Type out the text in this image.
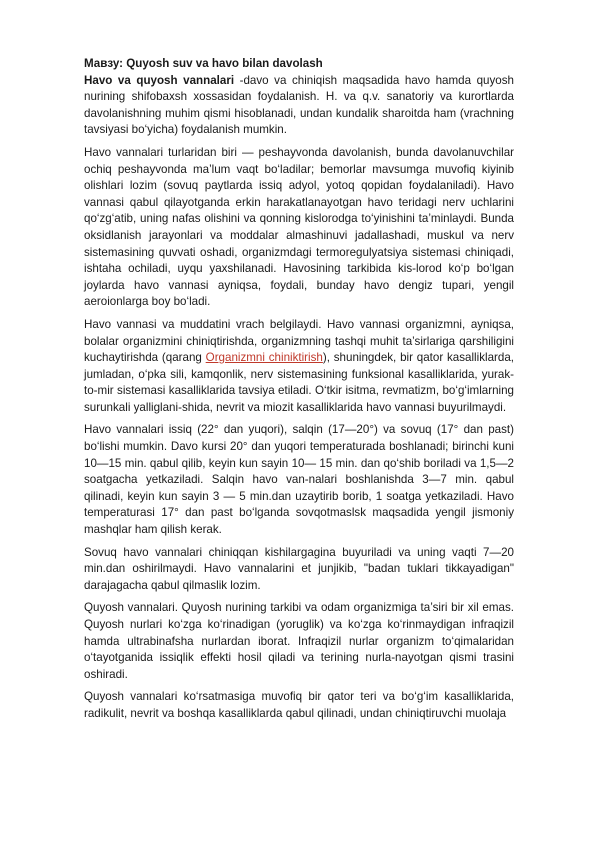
Мавзу: Quyosh suv va havo bilan davolash

Havo va quyosh vannalari -davo va chiniqish maqsadida havo hamda quyosh nurining shifobaxsh xossasidan foydalanish. H. va q.v. sanatoriy va kurortlarda davolanishning muhim qismi hisoblanadi, undan kundalik sharoitda ham (vrachning tavsiyasi bo‘yicha) foydalanish mumkin.

Havo vannalari turlaridan biri — peshayvonda davolanish, bunda davolanuvchilar ochiq peshayvonda ma’lum vaqt bo‘ladilar; bemorlar mavsumga muvofiq kiyinib olishlari lozim (sovuq paytlarda issiq adyol, yotoq qopidan foydalaniladi). Havo vannasi qabul qilayotganda erkin harakatlanayotgan havo teridagi nerv uchlarini qo‘zg‘atib, uning nafas olishini va qonning kislorodga to‘yinishini ta’minlaydi. Bunda oksidlanish jarayonlari va moddalar almashinuvi jadallashadi, muskul va nerv sistemasining quvvati oshadi, organizmdagi termoregulyatsiya sistemasi chiniqadi, ishtaha ochiladi, uyqu yaxshilanadi. Havosining tarkibida kis-lorod ko‘p bo‘lgan joylarda havo vannasi ayniqsa, foydali, bunday havo dengiz tupari, yengil aeroionlarga boy bo‘ladi.

Havo vannasi va muddatini vrach belgilaydi. Havo vannasi organizmni, ayniqsa, bolalar organizmini chiniqtirishda, organizmning tashqi muhit ta’sirlariga qarshiligini kuchaytirishda (qarang Organizmni chiniktirish), shuningdek, bir qator kasalliklarda, jumladan, o‘pka sili, kamqonlik, nerv sistemasining funksional kasalliklarida, yurak-to-mir sistemasi kasalliklarida tavsiya etiladi. O‘tkir isitma, revmatizm, bo‘g‘imlarning surunkali yalliglani-shida, nevrit va miozit kasalliklarida havo vannasi buyurilmaydi.

Havo vannalari issiq (22° dan yuqori), salqin (17—20°) va sovuq (17° dan past) bo‘lishi mumkin. Davo kursi 20° dan yuqori temperaturada boshlanadi; birinchi kuni 10—15 min. qabul qilib, keyin kun sayin 10— 15 min. dan qo‘shib boriladi va 1,5—2 soatgacha yetkaziladi. Salqin havo van-nalari boshlanishda 3—7 min. qabul qilinadi, keyin kun sayin 3 — 5 min.dan uzaytirib borib, 1 soatga yetkaziladi. Havo temperaturasi 17° dan past bo‘lganda sovqotmaslsk maqsadida yengil jismoniy mashqlar ham qilish kerak.

Sovuq havo vannalari chiniqqan kishilargagina buyuriladi va uning vaqti 7—20 min.dan oshirilmaydi. Havo vannalarini et junjikib, "badan tuklari tikkayadigan" darajagacha qabul qilmaslik lozim.

Quyosh vannalari. Quyosh nurining tarkibi va odam organizmiga ta’siri bir xil emas. Quyosh nurlari ko‘zga ko‘rinadigan (yoruglik) va ko‘zga ko‘rinmaydigan infraqizil hamda ultrabinafsha nurlardan iborat. Infraqizil nurlar organizm to‘qimalaridan o‘tayotganida issiqlik effekti hosil qiladi va terining nurla-nayotgan qismi trasini oshiradi.

Quyosh vannalari ko‘rsatmasiga muvofiq bir qator teri va bo‘g‘im kasalliklarida, radikulit, nevrit va boshqa kasalliklarda qabul qilinadi, undan chiniqtiruvchi muolaja
